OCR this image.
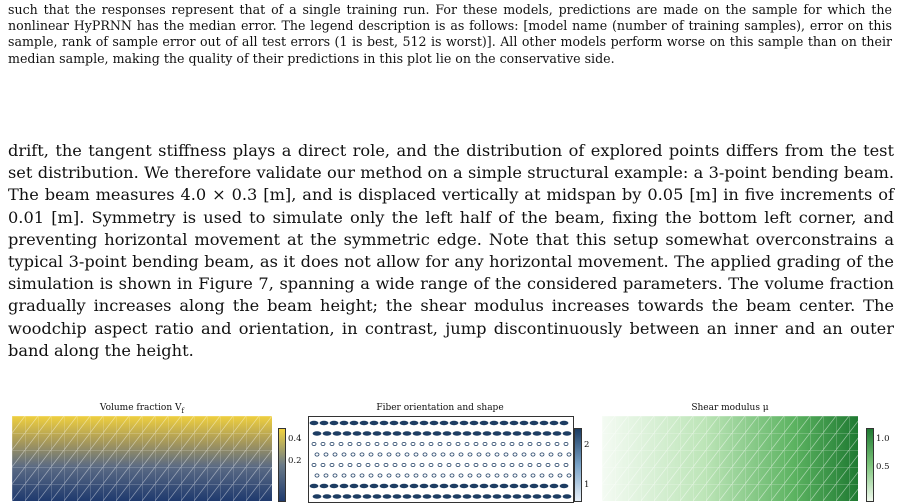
such that the responses represent that of a single training run. For these models, predictions are made on the sample for which the nonlinear HyPRNN has the median error. The legend description is as follows: [model name (number of training samples), error on this sample, rank of sample error out of all test errors (1 is best, 512 is worst)]. All other models perform worse on this sample than on their median sample, making the quality of their predictions in this plot lie on the conservative side.
drift, the tangent stiffness plays a direct role, and the distribution of explored points differs from the test set distribution. We therefore validate our method on a simple structural example: a 3-point bending beam. The beam measures 4.0 × 0.3 [m], and is displaced vertically at midspan by 0.05 [m] in five increments of 0.01 [m]. Symmetry is used to simulate only the left half of the beam, fixing the bottom left corner, and preventing horizontal movement at the symmetric edge. Note that this setup somewhat overconstrains a typical 3-point bending beam, as it does not allow for any horizontal movement. The applied grading of the simulation is shown in Figure 7, spanning a wide range of the considered parameters. The volume fraction gradually increases along the beam height; the shear modulus increases towards the beam center. The woodchip aspect ratio and orientation, in contrast, jump discontinuously between an inner and an outer band along the height.
Volume fraction $V_f$
0.4
0.2
Fiber orientation and shape
2
1
Shear modulus μ
1.0
0.5
